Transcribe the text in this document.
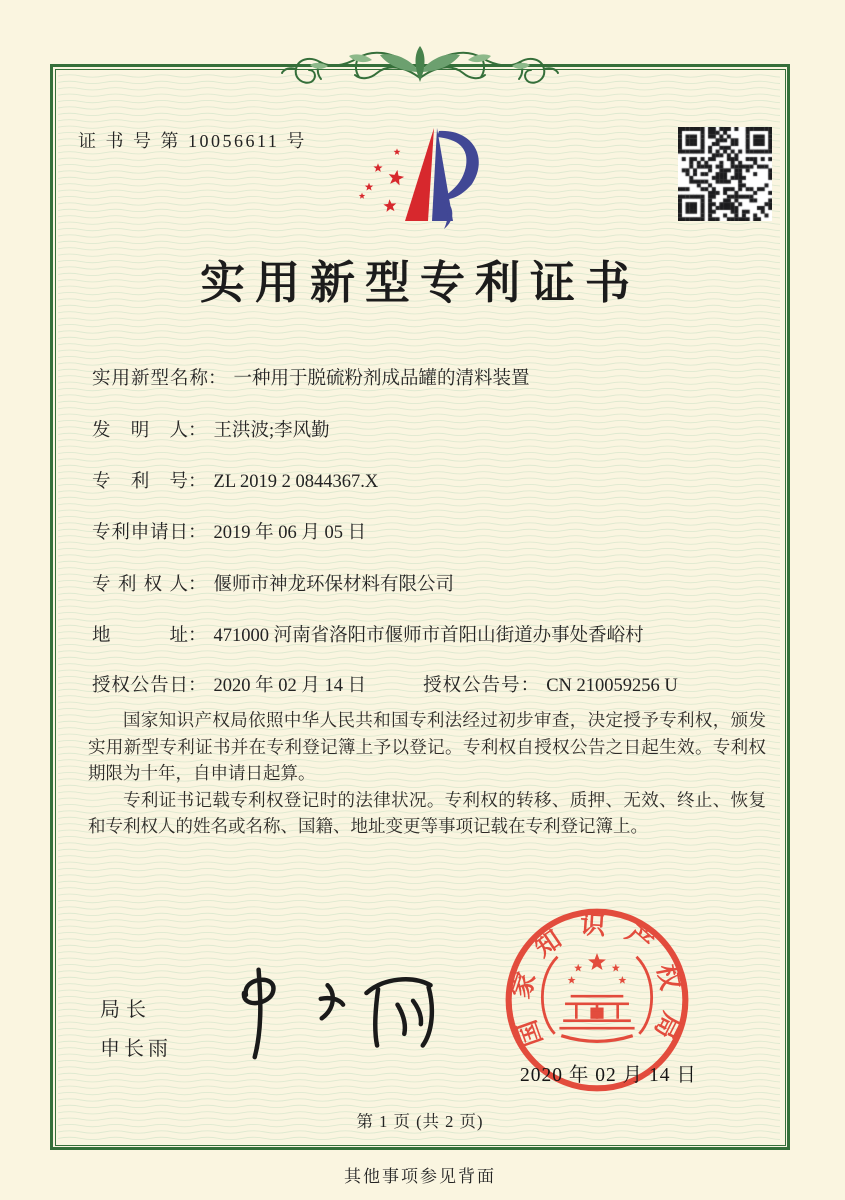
证 书 号 第 10056611 号
实用新型专利证书
实用新型名称： 一种用于脱硫粉剂成品罐的清料装置
发明人： 王洪波;李风勤
专利号： ZL 2019 2 0844367.X
专利申请日： 2019 年 06 月 05 日
专利权人： 偃师市神龙环保材料有限公司
地址： 471000 河南省洛阳市偃师市首阳山街道办事处香峪村
授权公告日： 2020 年 02 月 14 日	授权公告号： CN 210059256 U

国家知识产权局依照中华人民共和国专利法经过初步审查，决定授予专利权，颁发实用新型专利证书并在专利登记簿上予以登记。专利权自授权公告之日起生效。专利权期限为十年，自申请日起算。

专利证书记载专利权登记时的法律状况。专利权的转移、质押、无效、终止、恢复和专利权人的姓名或名称、国籍、地址变更等事项记载在专利登记簿上。

局长
申长雨	国家知识产权局
2020 年 02 月 14 日
第 1 页 (共 2 页)
其他事项参见背面
